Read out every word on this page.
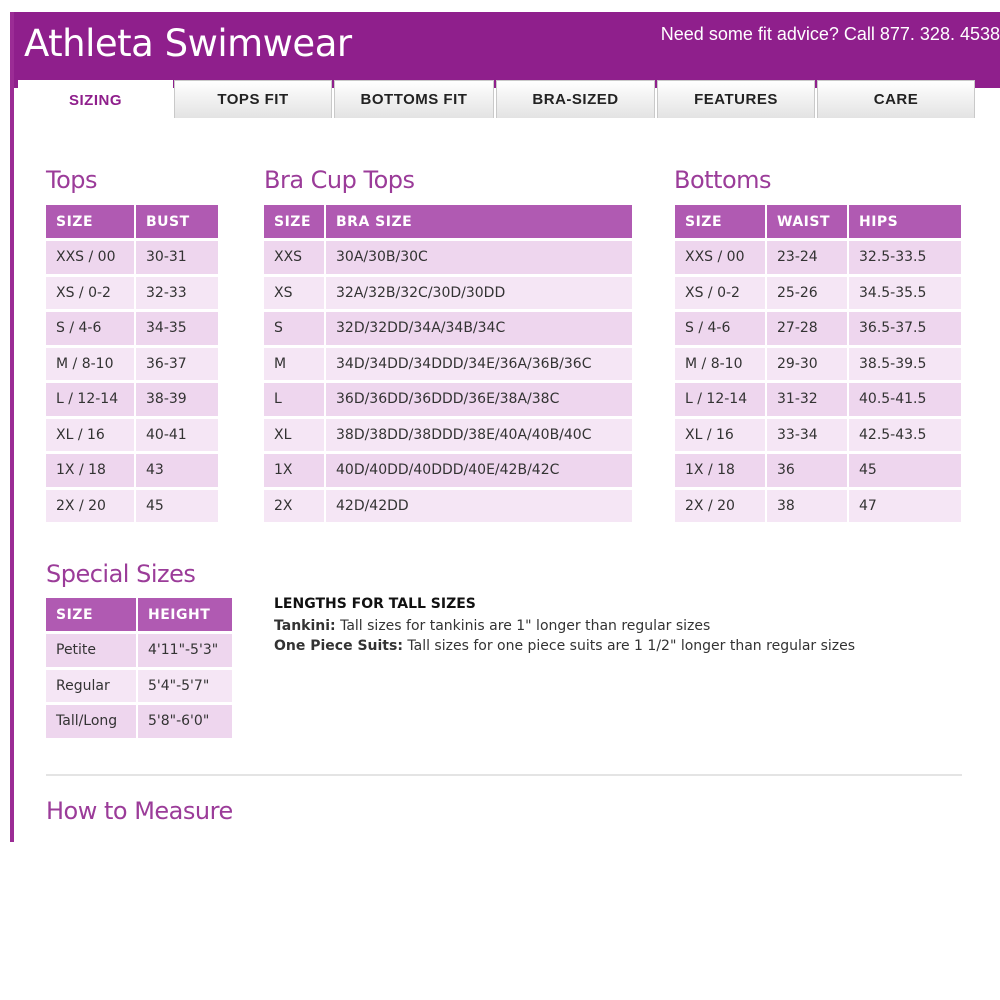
Athleta Swimwear	Need some fit advice? Call 877. 328. 4538
SIZING	TOPS FIT	BOTTOMS FIT	BRA-SIZED	FEATURES	CARE
Tops
SIZE	BUST
XXS / 00	30-31
XS / 0-2	32-33
S / 4-6	34-35
M / 8-10	36-37
L / 12-14	38-39
XL / 16	40-41
1X / 18	43
2X / 20	45
Bra Cup Tops
SIZE	BRA SIZE
XXS	30A/30B/30C
XS	32A/32B/32C/30D/30DD
S	32D/32DD/34A/34B/34C
M	34D/34DD/34DDD/34E/36A/36B/36C
L	36D/36DD/36DDD/36E/38A/38C
XL	38D/38DD/38DDD/38E/40A/40B/40C
1X	40D/40DD/40DDD/40E/42B/42C
2X	42D/42DD
Bottoms
SIZE	WAIST	HIPS
XXS / 00	23-24	32.5-33.5
XS / 0-2	25-26	34.5-35.5
S / 4-6	27-28	36.5-37.5
M / 8-10	29-30	38.5-39.5
L / 12-14	31-32	40.5-41.5
XL / 16	33-34	42.5-43.5
1X / 18	36	45
2X / 20	38	47
Special Sizes
SIZE	HEIGHT
Petite	4'11"-5'3"
Regular	5'4"-5'7"
Tall/Long	5'8"-6'0"
LENGTHS FOR TALL SIZES
Tankini: Tall sizes for tankinis are 1" longer than regular sizes
One Piece Suits: Tall sizes for one piece suits are 1 1/2" longer than regular sizes
How to Measure
